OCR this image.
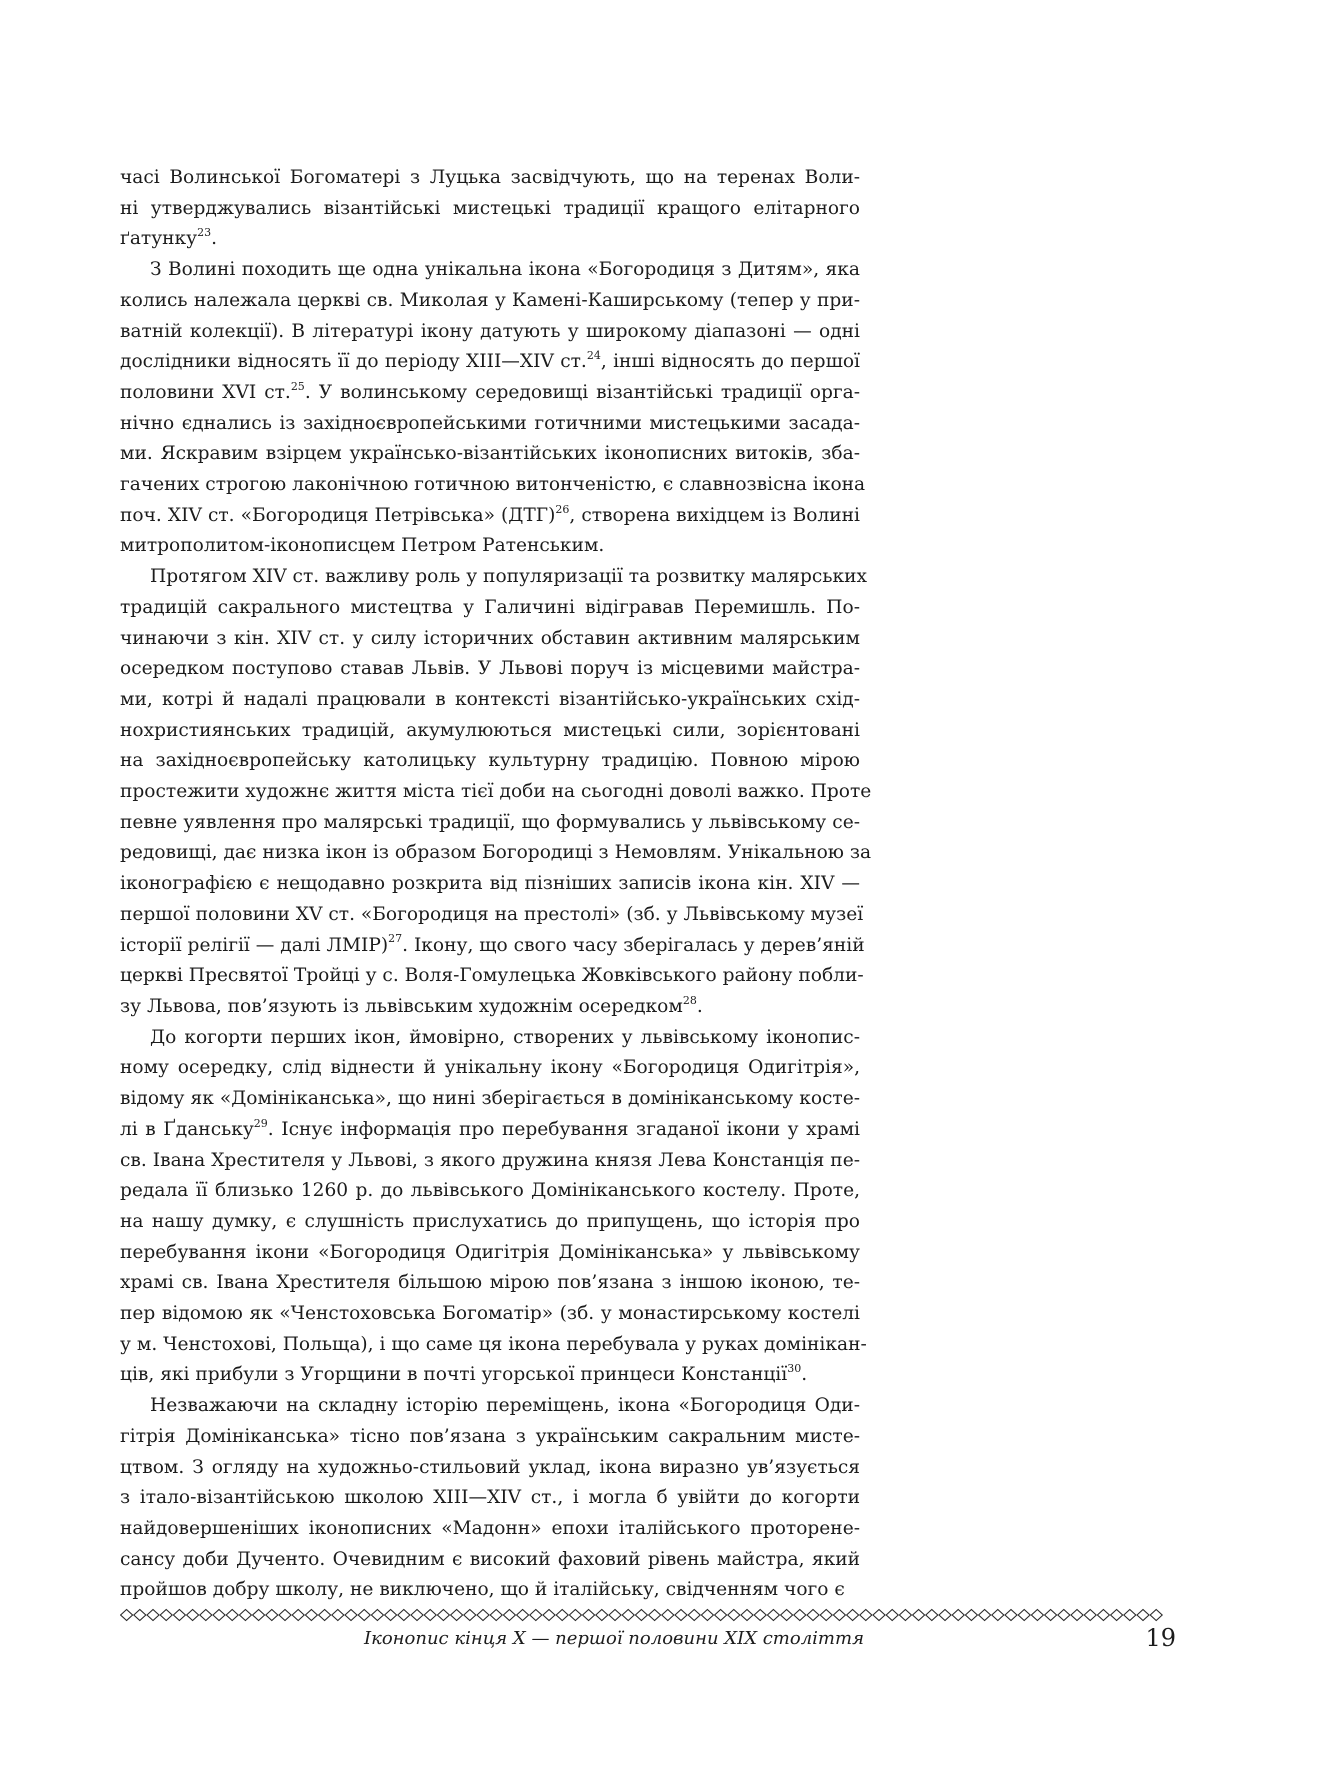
часі Волинської Богоматері з Луцька засвідчують, що на теренах Воли-
ні утверджувались візантійські мистецькі традиції кращого елітарного
ґатунку$^{23}$.
З Волині походить ще одна унікальна ікона «Богородиця з Дитям», яка
колись належала церкві св. Миколая у Камені-Каширському (тепер у при-
ватній колекції). В літературі ікону датують у широкому діапазоні — одні
дослідники відносять її до періоду XIII—XIV ст.$^{24}$, інші відносять до першої
половини XVI ст.$^{25}$. У волинському середовищі візантійські традиції орга-
нічно єднались із західноєвропейськими готичними мистецькими засада-
ми. Яскравим взірцем українсько-візантійських іконописних витоків, зба-
гачених строгою лаконічною готичною витонченістю, є славнозвісна ікона
поч. XIV ст. «Богородиця Петрівська» (ДТГ)$^{26}$, створена вихідцем із Волині
митрополитом-іконописцем Петром Ратенським.
Протягом XIV ст. важливу роль у популяризації та розвитку малярських
традицій сакрального мистецтва у Галичині відігравав Перемишль. По-
чинаючи з кін. XIV ст. у силу історичних обставин активним малярським
осередком поступово ставав Львів. У Львові поруч із місцевими майстра-
ми, котрі й надалі працювали в контексті візантійсько-українських схід-
нохристиянських традицій, акумулюються мистецькі сили, зорієнтовані
на західноєвропейську католицьку культурну традицію. Повною мірою
простежити художнє життя міста тієї доби на сьогодні доволі важко. Проте
певне уявлення про малярські традиції, що формувались у львівському се-
редовищі, дає низка ікон із образом Богородиці з Немовлям. Унікальною за
іконографією є нещодавно розкрита від пізніших записів ікона кін. XIV —
першої половини XV ст. «Богородиця на престолі» (зб. у Львівському музеї
історії релігії — далі ЛМІР)$^{27}$. Ікону, що свого часу зберігалась у дерев’яній
церкві Пресвятої Тройці у с. Воля-Гомулецька Жовківського району побли-
зу Львова, пов’язують із львівським художнім осередком$^{28}$.
До когорти перших ікон, ймовірно, створених у львівському іконопис-
ному осередку, слід віднести й унікальну ікону «Богородиця Одигітрія»,
відому як «Домініканська», що нині зберігається в домініканському косте-
лі в Ґданську$^{29}$. Існує інформація про перебування згаданої ікони у храмі
св. Івана Хрестителя у Львові, з якого дружина князя Лева Констанція пе-
редала її близько 1260 р. до львівського Домініканського костелу. Проте,
на нашу думку, є слушність прислухатись до припущень, що історія про
перебування ікони «Богородиця Одигітрія Домініканська» у львівському
храмі св. Івана Хрестителя більшою мірою пов’язана з іншою іконою, те-
пер відомою як «Ченстоховська Богоматір» (зб. у монастирському костелі
у м. Ченстохові, Польща), і що саме ця ікона перебувала у руках домінікан-
ців, які прибули з Угорщини в почті угорської принцеси Констанції$^{30}$.
Незважаючи на складну історію переміщень, ікона «Богородиця Оди-
гітрія Домініканська» тісно пов’язана з українським сакральним мисте-
цтвом. З огляду на художньо-стильовий уклад, ікона виразно ув’язується
з італо-візантійською школою XIII—XIV ст., і могла б увійти до когорти
найдовершеніших іконописних «Мадонн» епохи італійського проторене-
сансу доби Дученто. Очевидним є високий фаховий рівень майстра, який
пройшов добру школу, не виключено, що й італійську, свідченням чого є
Іконопис кінця X — першої половини XIX століття	19
